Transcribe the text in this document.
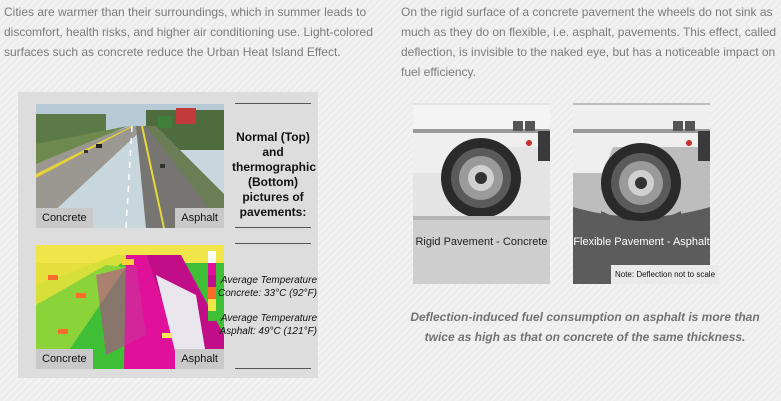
Cities are warmer than their surroundings, which in summer leads to discomfort, health risks, and higher air conditioning use. Light-colored surfaces such as concrete reduce the Urban Heat Island Effect.
On the rigid surface of a concrete pavement the wheels do not sink as much as they do on flexible, i.e. asphalt, pavements. This effect, called deflection, is invisible to the naked eye, but has a noticeable impact on fuel efficiency.
Concrete	Asphalt
Concrete	Asphalt
Normal (Top) and thermographic (Bottom) pictures of pavements:
Average Temperature
Concrete: 33°C (92°F)
Average Temperature
Asphalt: 49°C (121°F)
Rigid Pavement - Concrete Flexible Pavement - Asphalt
Note: Deflection not to scale
Deflection-induced fuel consumption on asphalt is more than twice as high as that on concrete of the same thickness.
